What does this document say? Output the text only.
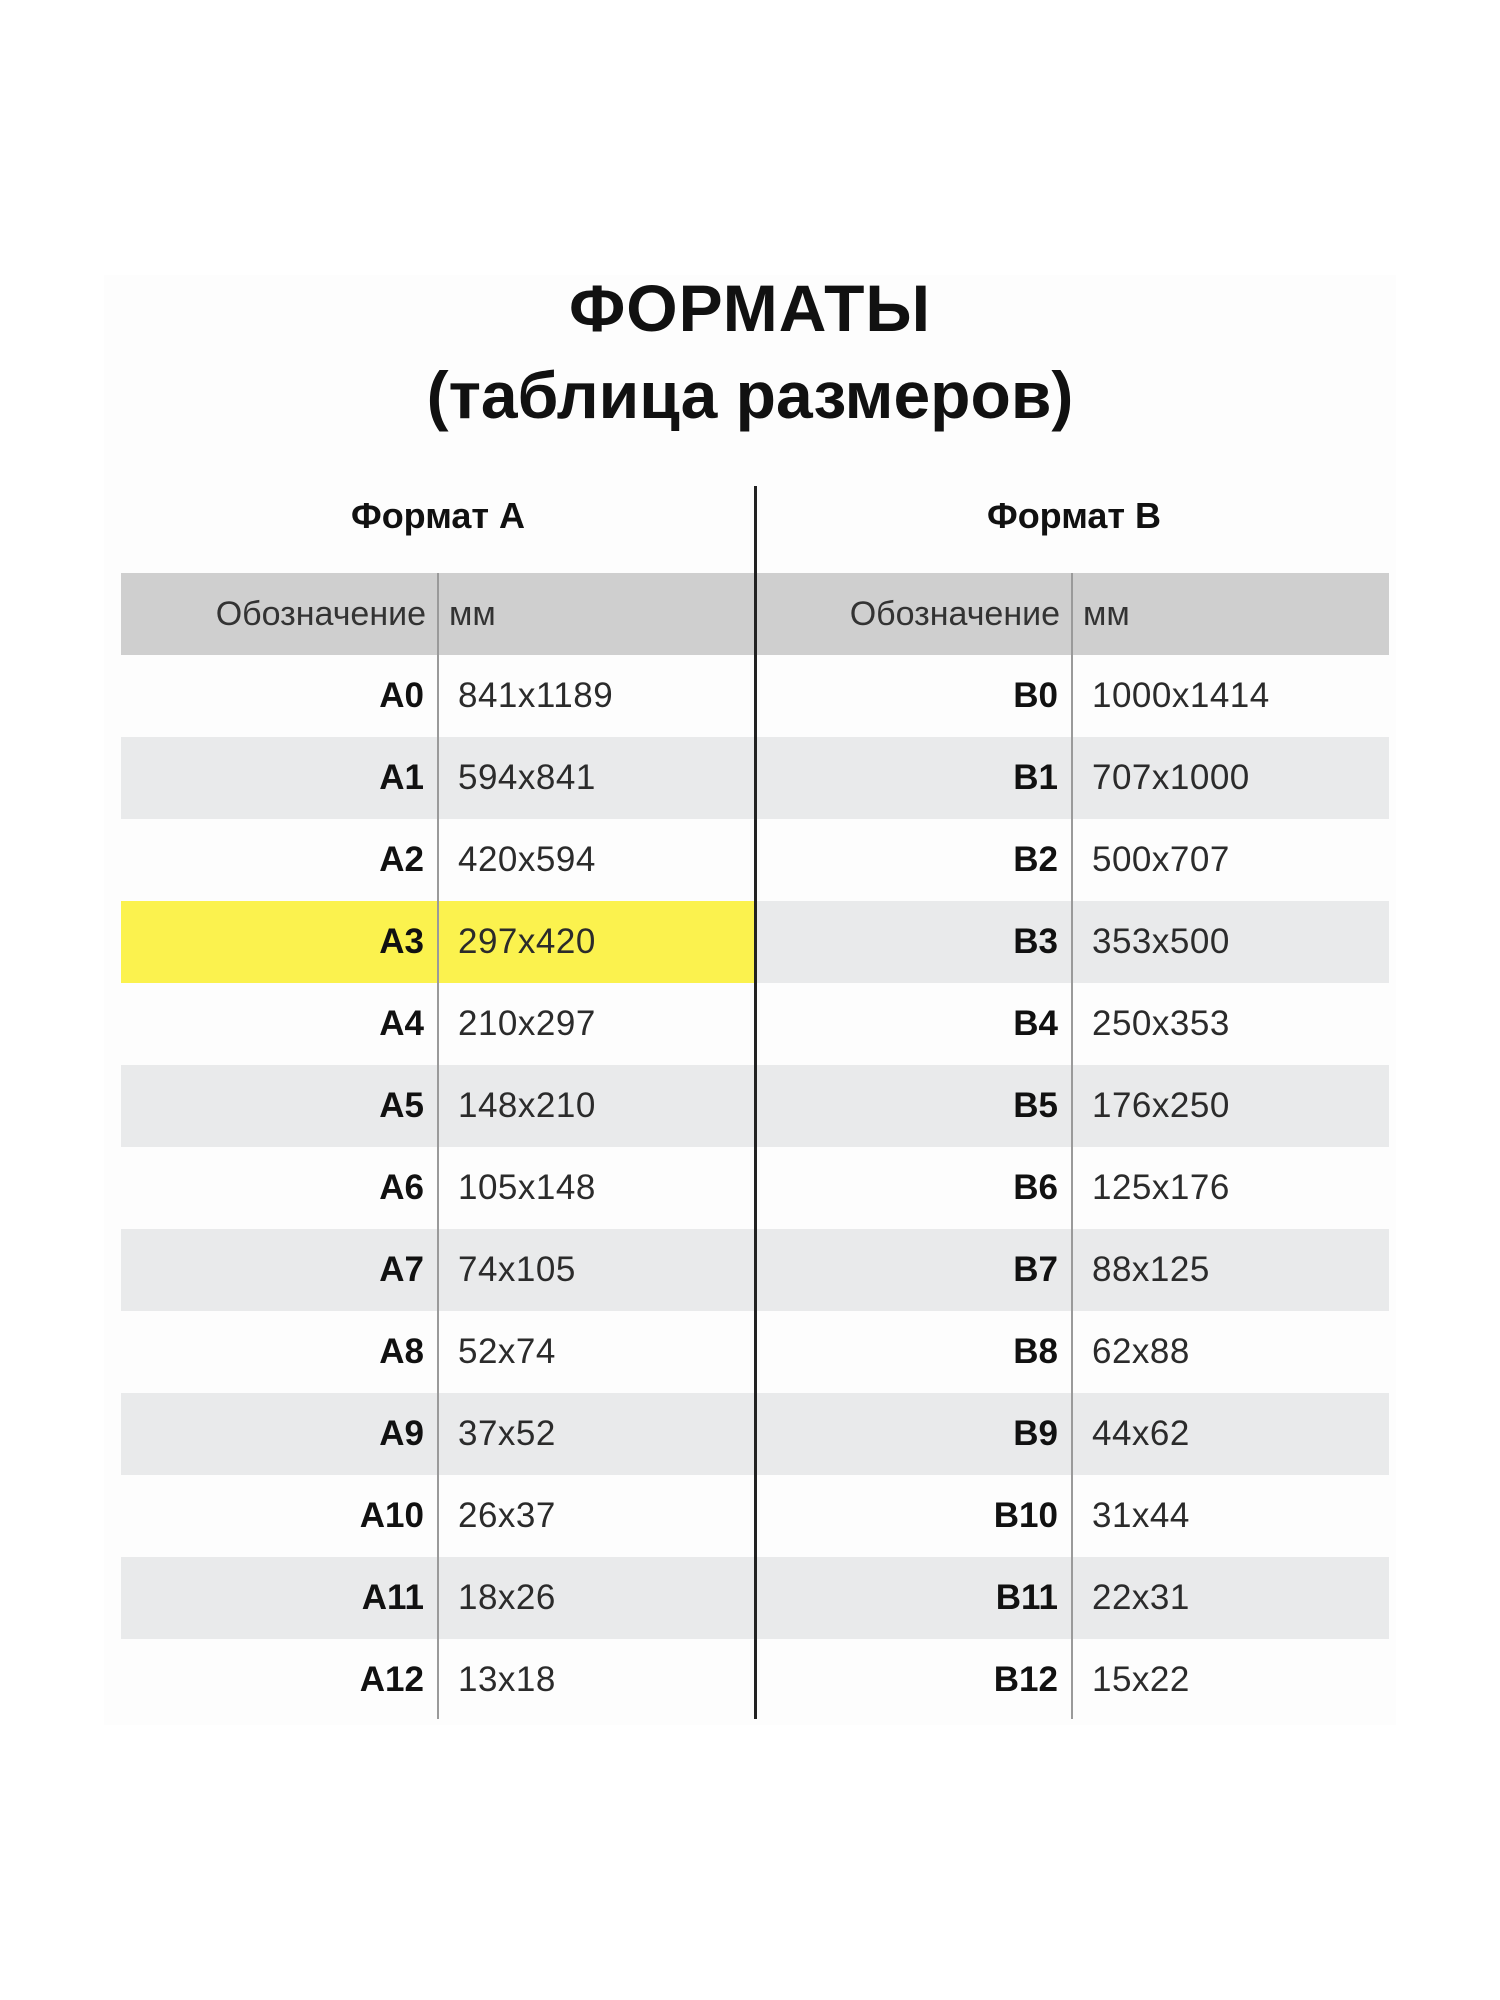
ФОРМАТЫ
(таблица размеров)
Формат А	Формат В
Обозначение мм	Обозначение мм
А0 841x1189	В0 1000x1414
А1 594x841	В1 707x1000
А2 420x594	В2 500x707
А3 297x420	В3 353x500
А4 210x297	В4 250x353
А5 148x210	В5 176x250
А6 105x148	В6 125x176
А7 74x105	В7 88x125
А8 52x74	В8 62x88
А9 37x52	В9 44x62
А10 26x37	В10 31x44
А11 18x26	В11 22x31
А12 13x18	В12 15x22
